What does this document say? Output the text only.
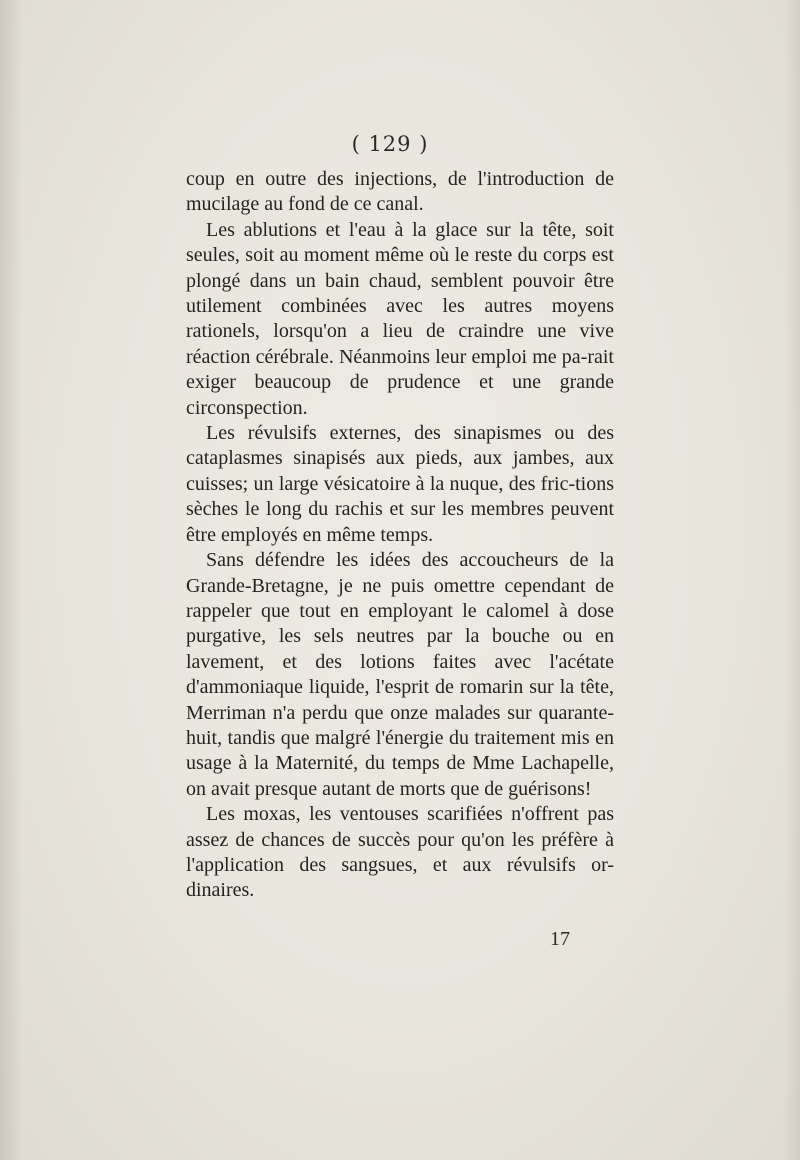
( 129 )

coup en outre des injections, de l'introduction de mucilage au fond de ce canal.

Les ablutions et l'eau à la glace sur la tête, soit seules, soit au moment même où le reste du corps est plongé dans un bain chaud, semblent pouvoir être utilement combinées avec les autres moyens rationels, lorsqu'on a lieu de craindre une vive réaction cérébrale. Néanmoins leur emploi me pa-rait exiger beaucoup de prudence et une grande circonspection.

Les révulsifs externes, des sinapismes ou des cataplasmes sinapisés aux pieds, aux jambes, aux cuisses; un large vésicatoire à la nuque, des fric-tions sèches le long du rachis et sur les membres peuvent être employés en même temps.

Sans défendre les idées des accoucheurs de la Grande-Bretagne, je ne puis omettre cependant de rappeler que tout en employant le calomel à dose purgative, les sels neutres par la bouche ou en lavement, et des lotions faites avec l'acétate d'ammoniaque liquide, l'esprit de romarin sur la tête, Merriman n'a perdu que onze malades sur quarante-huit, tandis que malgré l'énergie du traitement mis en usage à la Maternité, du temps de Mme Lachapelle, on avait presque autant de morts que de guérisons!

Les moxas, les ventouses scarifiées n'offrent pas assez de chances de succès pour qu'on les préfère à l'application des sangsues, et aux révulsifs or-dinaires.

17
